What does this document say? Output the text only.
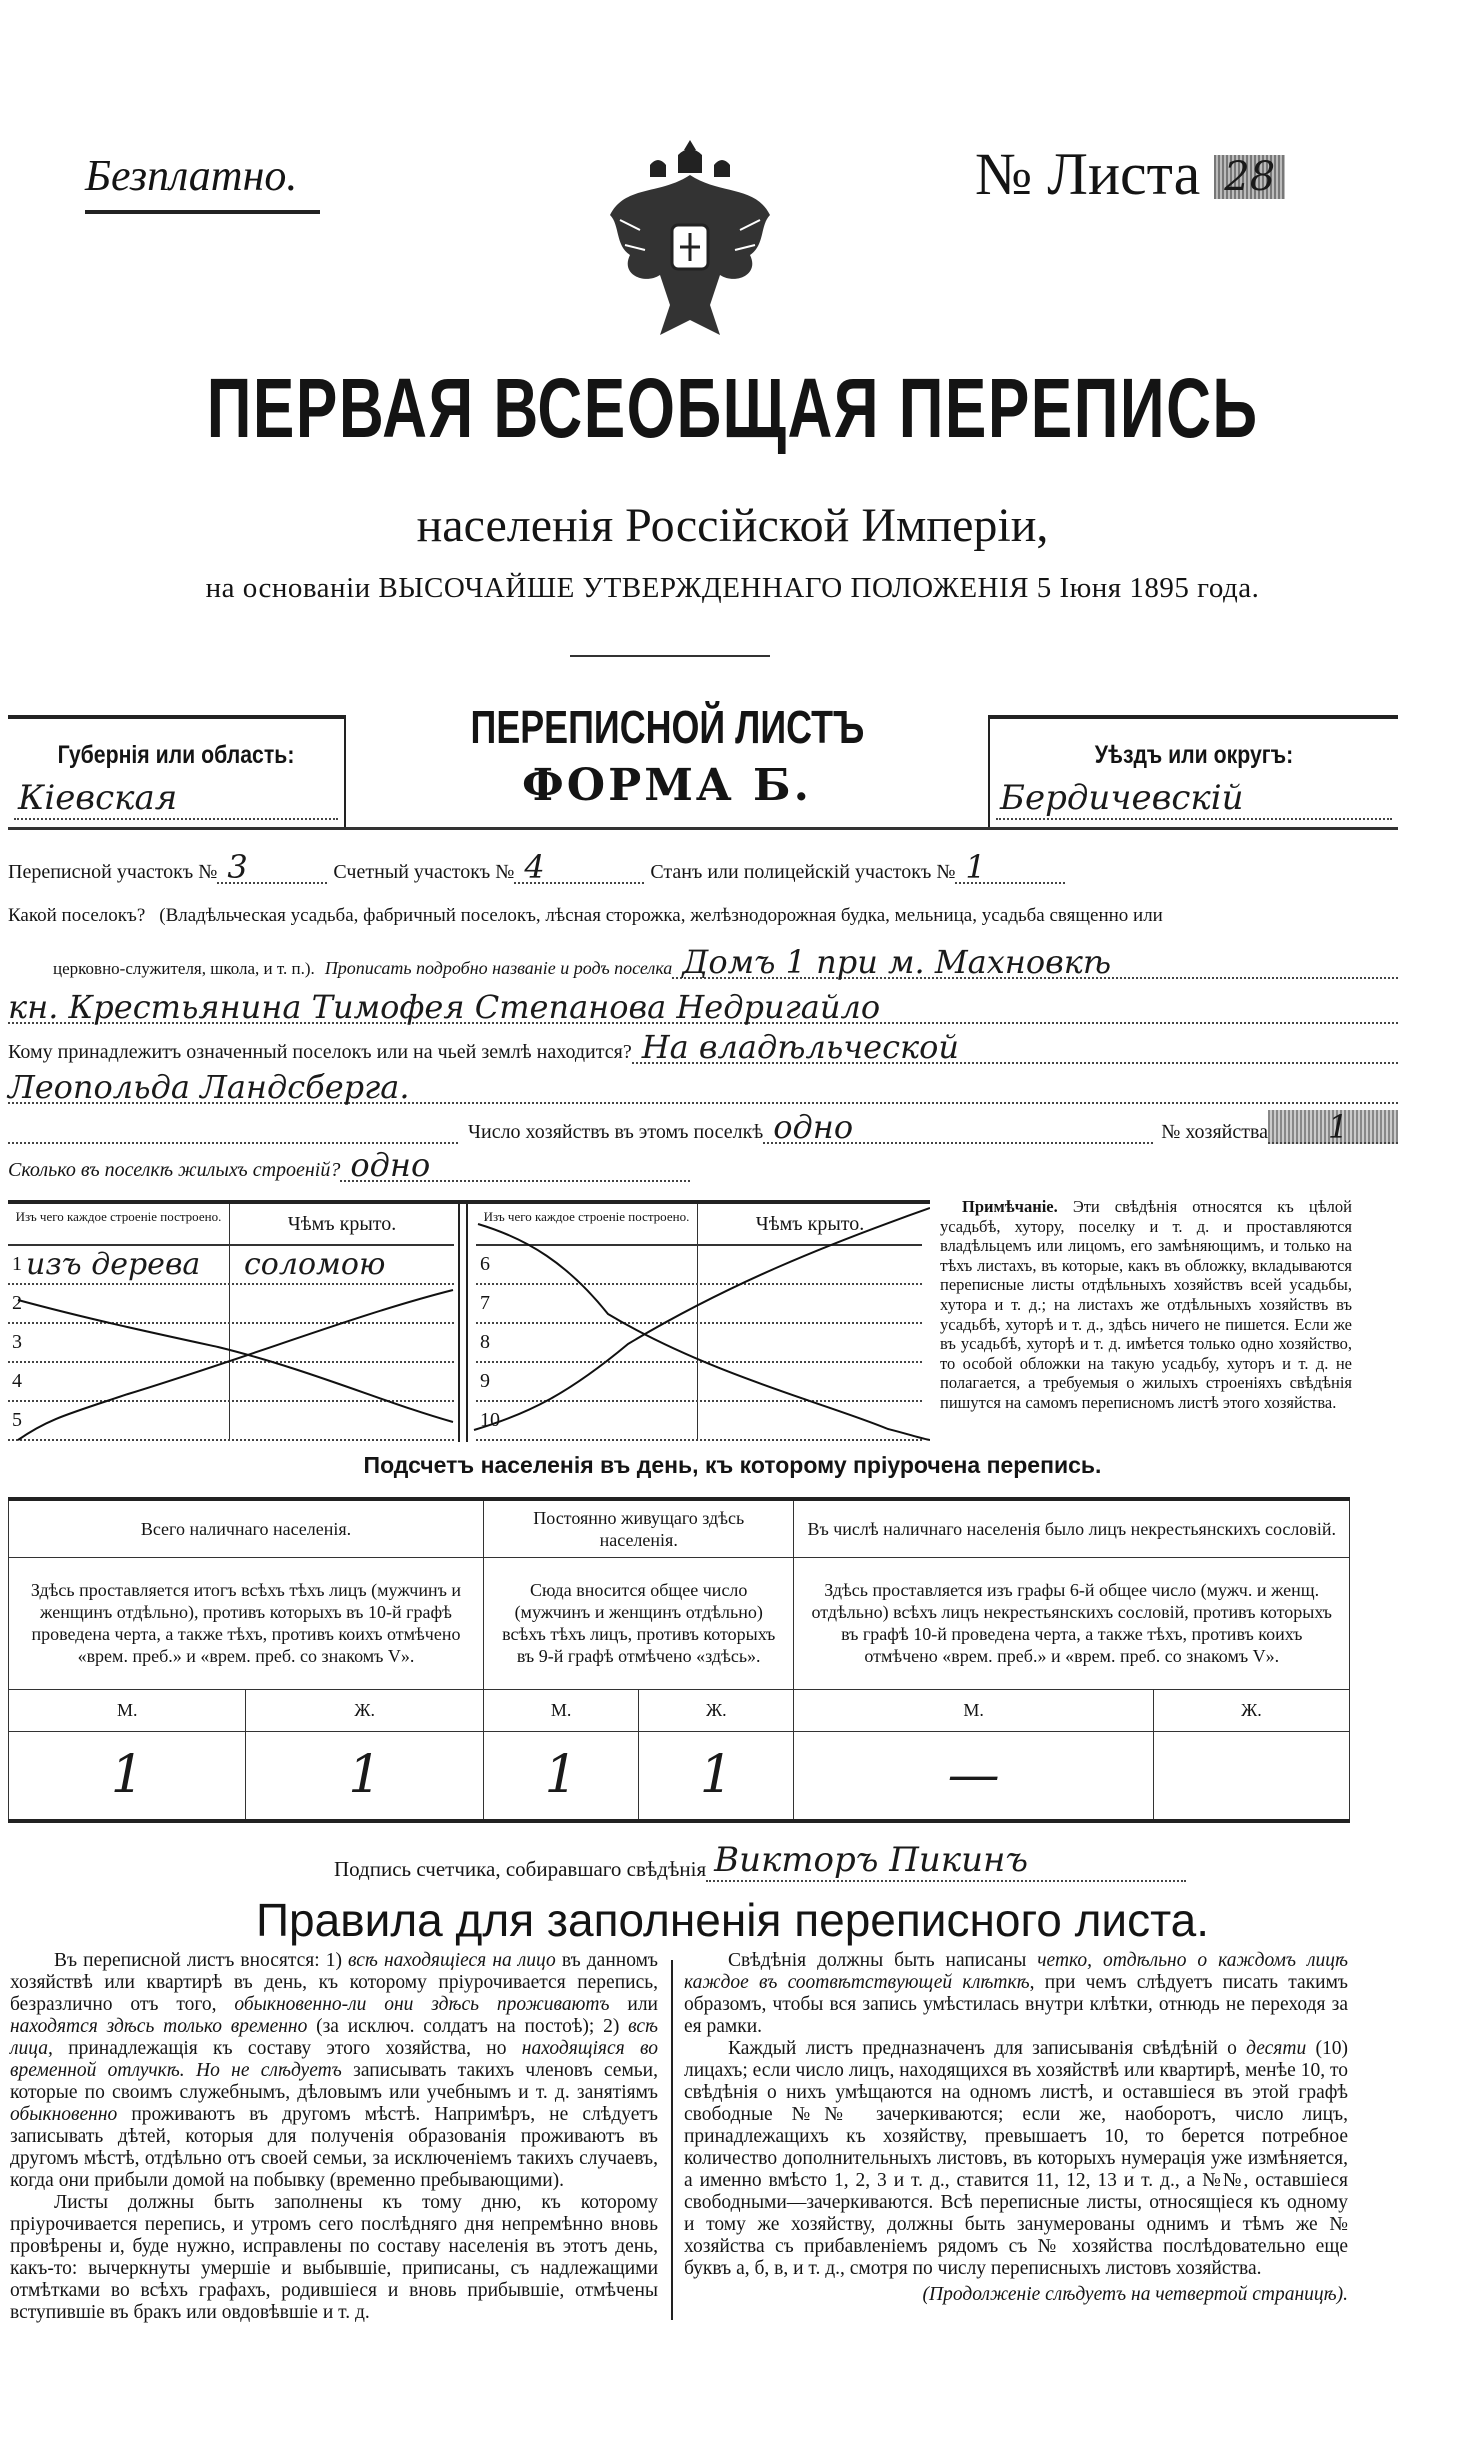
Безплатно.	№ Листа 28
ПЕРВАЯ ВСЕОБЩАЯ ПЕРЕПИСЬ
населенія Россійской Имперіи,
на основаніи ВЫСОЧАЙШЕ УТВЕРЖДЕННАГО ПОЛОЖЕНІЯ 5 Іюня 1895 года.
Губернія или область:
Кіевская
ПЕРЕПИСНОЙ ЛИСТЪ
ФОРМА Б.
Уѣздъ или округъ:
Бердичевскій
Переписной участокъ № 3	Счетный участокъ № 4	Станъ или полицейскій участокъ № 1
Какой поселокъ? (Владѣльческая усадьба, фабричный поселокъ, лѣсная сторожка, желѣзнодорожная будка, мельница, усадьба священно или
церковно-служителя, школа, и т. п.). Прописать подробно названіе и родъ поселка Домъ 1 при м. Махновкѣ
кн. Крестьянина Тимофея Степанова Недригайло
Кому принадлежитъ означенный поселокъ или на чьей землѣ находится? На владѣльческой
Леопольда Ландсберга.
Число хозяйствъ въ этомъ поселкѣ одно	№ хозяйства	1
Сколько въ поселкѣ жилыхъ строеній? одно
Изъ чего каждое строеніе построено.	Чѣмъ крыто.
1 изъ дерева соломою
2
3
4
5
Изъ чего каждое строеніе построено.	Чѣмъ крыто.
6
7
8
9
10
Примѣчаніе. Эти свѣдѣнія относятся къ цѣлой усадьбѣ, хутору, поселку и т. д. и проставляются владѣльцемъ или лицомъ, его замѣняющимъ, и только на тѣхъ листахъ, въ которые, какъ въ обложку, вкладываются переписные листы отдѣльныхъ хозяйствъ всей усадьбы, хутора и т. д.; на листахъ же отдѣльныхъ хозяйствъ въ усадьбѣ, хуторѣ и т. д., здѣсь ничего не пишется. Если же въ усадьбѣ, хуторѣ и т. д. имѣется только одно хозяйство, то особой обложки на такую усадьбу, хуторъ и т. д. не полагается, а требуемыя о жилыхъ строеніяхъ свѣдѣнія пишутся на самомъ переписномъ листѣ этого хозяйства.
Подсчетъ населенія въ день, къ которому пріурочена перепись.
Всего наличнаго населенія.		Постоянно живущаго здѣсь населенія.		Въ числѣ наличнаго населенія было лицъ некрестьянскихъ сословій.	
Здѣсь проставляется итогъ всѣхъ тѣхъ лицъ (мужчинъ и женщинъ отдѣльно), противъ которыхъ въ 10-й графѣ проведена черта, а также тѣхъ, противъ коихъ отмѣчено «врем. преб.» и «врем. преб. со знакомъ V».		Сюда вносится общее число (мужчинъ и женщинъ отдѣльно) всѣхъ тѣхъ лицъ, противъ которыхъ въ 9-й графѣ отмѣчено «здѣсь».		Здѣсь проставляется изъ графы 6-й общее число (мужч. и женщ. отдѣльно) всѣхъ лицъ некрестьянскихъ сословій, противъ которыхъ въ графѣ 10-й проведена черта, а также тѣхъ, противъ коихъ отмѣчено «врем. преб.» и «врем. преб. со знакомъ V».	
М.	Ж.	М.	Ж.	М.	Ж.
1	1	1	1	—	
Подпись счетчика, собиравшаго свѣдѣнія Викторъ Пикинъ
Правила для заполненія переписного листа.

Въ переписной листъ вносятся: 1) всѣ находящіеся на лицо въ данномъ хозяйствѣ или квартирѣ въ день, къ которому пріурочивается перепись, безразлично отъ того, обыкновенно-ли они здѣсь проживаютъ или находятся здѣсь только временно (за исключ. солдатъ на постоѣ); 2) всѣ лица, принадлежащія къ составу этого хозяйства, но находящіяся во временной отлучкѣ. Но не слѣдуетъ записывать такихъ членовъ семьи, которые по своимъ служебнымъ, дѣловымъ или учебнымъ и т. д. занятіямъ обыкновенно проживаютъ въ другомъ мѣстѣ. Напримѣръ, не слѣдуетъ записывать дѣтей, которыя для полученія образованія проживаютъ въ другомъ мѣстѣ, отдѣльно отъ своей семьи, за исключеніемъ такихъ случаевъ, когда они прибыли домой на побывку (временно пребывающими).

Листы должны быть заполнены къ тому дню, къ которому пріурочивается перепись, и утромъ сего послѣдняго дня непремѣнно вновь провѣрены и, буде нужно, исправлены по составу населенія въ этотъ день, какъ-то: вычеркнуты умершіе и выбывшіе, приписаны, съ надлежащими отмѣтками во всѣхъ графахъ, родившіеся и вновь прибывшіе, отмѣчены вступившіе въ бракъ или овдовѣвшіе и т. д.

Свѣдѣнія должны быть написаны четко, отдѣльно о каждомъ лицѣ каждое въ соотвѣтствующей клѣткѣ, при чемъ слѣдуетъ писать такимъ образомъ, чтобы вся запись умѣстилась внутри клѣтки, отнюдь не переходя за ея рамки.

Каждый листъ предназначенъ для записыванія свѣдѣній о десяти (10) лицахъ; если число лицъ, находящихся въ хозяйствѣ или квартирѣ, менѣе 10, то свѣдѣнія о нихъ умѣщаются на одномъ листѣ, и оставшіеся въ этой графѣ свободные №№ зачеркиваются; если же, наоборотъ, число лицъ, принадлежащихъ къ хозяйству, превышаетъ 10, то берется потребное количество дополнительныхъ листовъ, въ которыхъ нумерація уже измѣняется, а именно вмѣсто 1, 2, 3 и т. д., ставится 11, 12, 13 и т. д., а №№, оставшіеся свободными—зачеркиваются. Всѣ переписные листы, относящіеся къ одному и тому же хозяйству, должны быть занумерованы однимъ и тѣмъ же № хозяйства съ прибавленіемъ рядомъ съ № хозяйства послѣдовательно еще буквъ а, б, в, и т. д., смотря по числу переписныхъ листовъ хозяйства.

(Продолженіе слѣдуетъ на четвертой страницѣ).
